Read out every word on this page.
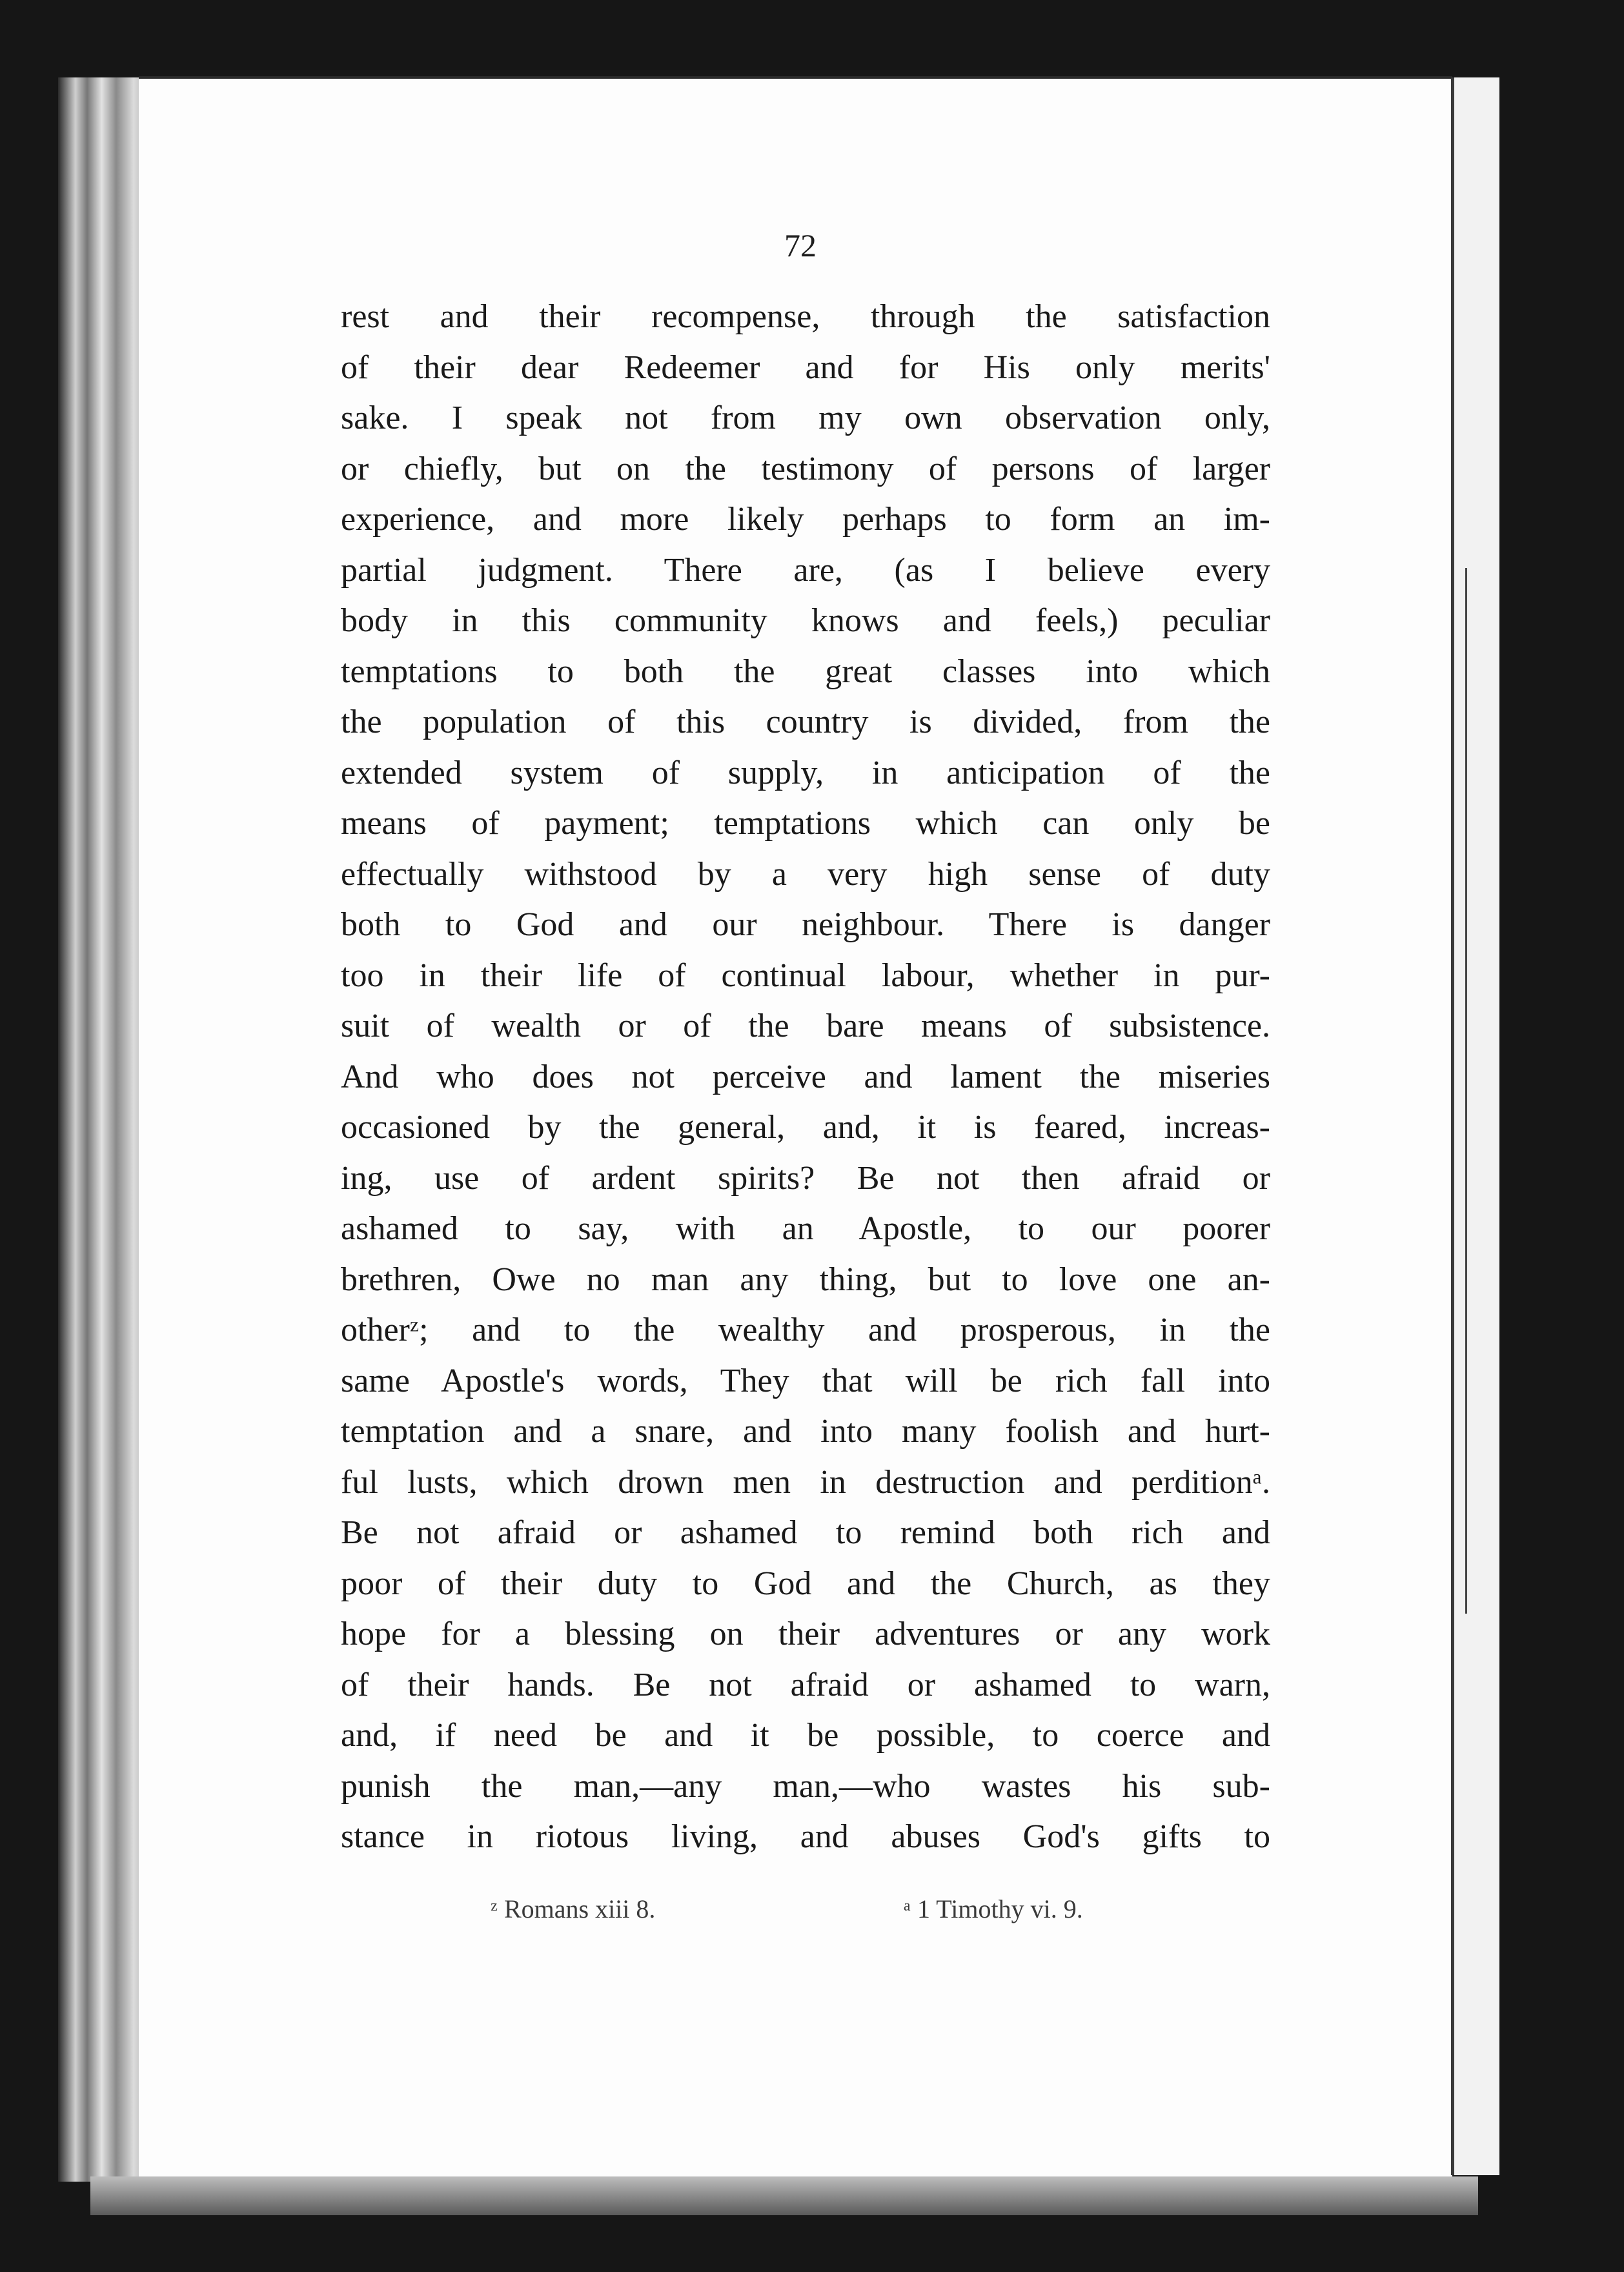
72
rest and their recompense, through the satisfaction
of their dear Redeemer and for His only merits'
sake. I speak not from my own observation only,
or chiefly, but on the testimony of persons of larger
experience, and more likely perhaps to form an im-
partial judgment. There are, (as I believe every
body in this community knows and feels,) peculiar
temptations to both the great classes into which
the population of this country is divided, from the
extended system of supply, in anticipation of the
means of payment; temptations which can only be
effectually withstood by a very high sense of duty
both to God and our neighbour. There is danger
too in their life of continual labour, whether in pur-
suit of wealth or of the bare means of subsistence.
And who does not perceive and lament the miseries
occasioned by the general, and, it is feared, increas-
ing, use of ardent spirits? Be not then afraid or
ashamed to say, with an Apostle, to our poorer
brethren, Owe no man any thing, but to love one an-
otherᶻ; and to the wealthy and prosperous, in the
same Apostle's words, They that will be rich fall into
temptation and a snare, and into many foolish and hurt-
ful lusts, which drown men in destruction and perditionᵃ.
Be not afraid or ashamed to remind both rich and
poor of their duty to God and the Church, as they
hope for a blessing on their adventures or any work
of their hands. Be not afraid or ashamed to warn,
and, if need be and it be possible, to coerce and
punish the man,—any man,—who wastes his sub-
stance in riotous living, and abuses God's gifts to
ᶻ Romans xiii 8.	ᵃ 1 Timothy vi. 9.
